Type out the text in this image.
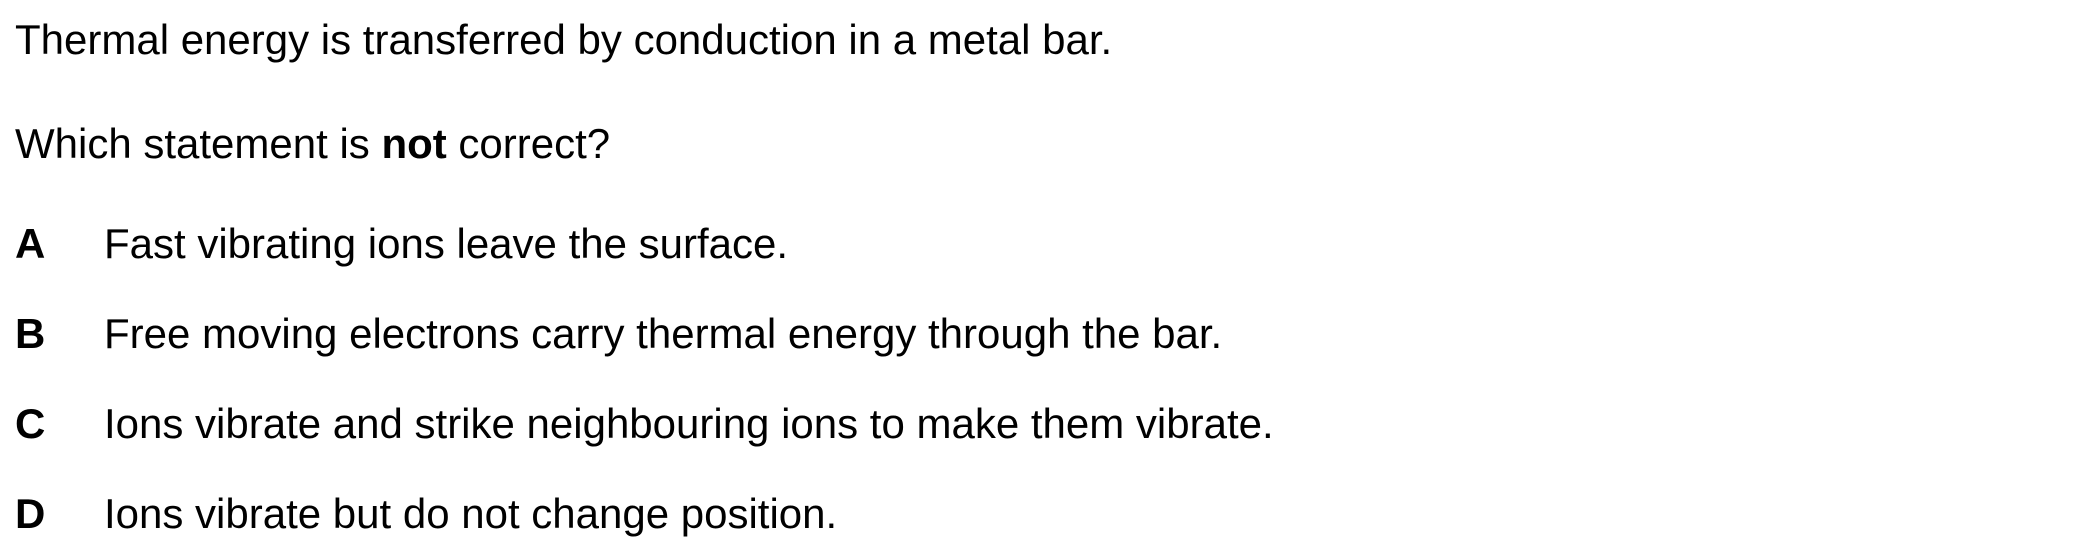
Thermal energy is transferred by conduction in a metal bar.
Which statement is not correct?
A Fast vibrating ions leave the surface.
B Free moving electrons carry thermal energy through the bar.
C Ions vibrate and strike neighbouring ions to make them vibrate.
D Ions vibrate but do not change position.
